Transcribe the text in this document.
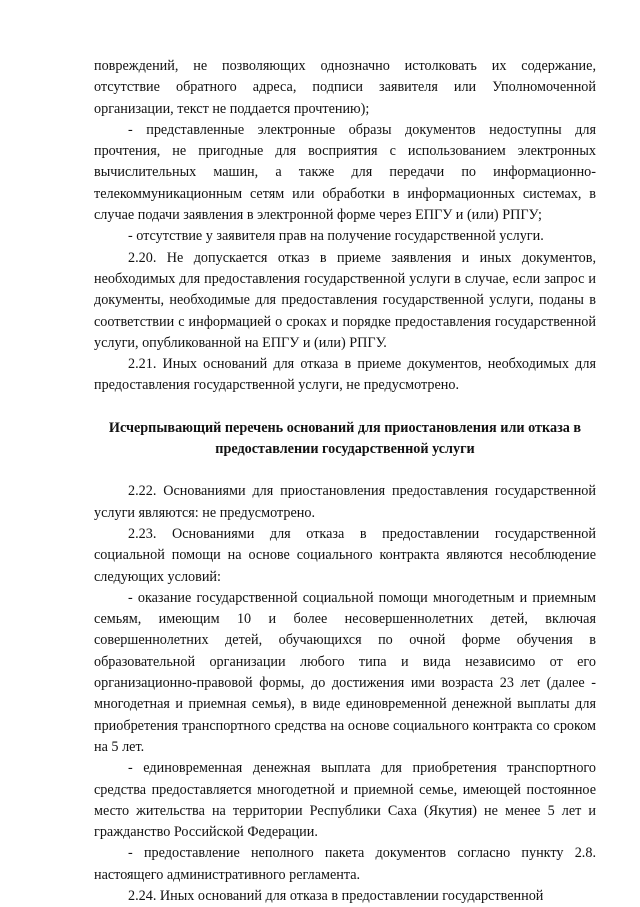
повреждений, не позволяющих однозначно истолковать их содержание, отсутствие обратного адреса, подписи заявителя или Уполномоченной организации, текст не поддается прочтению);

- представленные электронные образы документов недоступны для прочтения, не пригодные для восприятия с использованием электронных вычислительных машин, а также для передачи по информационно-телекоммуникационным сетям или обработки в информационных системах, в случае подачи заявления в электронной форме через ЕПГУ и (или) РПГУ;

- отсутствие у заявителя прав на получение государственной услуги.

2.20. Не допускается отказ в приеме заявления и иных документов, необходимых для предоставления государственной услуги в случае, если запрос и документы, необходимые для предоставления государственной услуги, поданы в соответствии с информацией о сроках и порядке предоставления государственной услуги, опубликованной на ЕПГУ и (или) РПГУ.

2.21. Иных оснований для отказа в приеме документов, необходимых для предоставления государственной услуги, не предусмотрено.

Исчерпывающий перечень оснований для приостановления или отказа в предоставлении государственной услуги

2.22. Основаниями для приостановления предоставления государственной услуги являются: не предусмотрено.

2.23. Основаниями для отказа в предоставлении государственной социальной помощи на основе социального контракта являются несоблюдение следующих условий:

- оказание государственной социальной помощи многодетным и приемным семьям, имеющим 10 и более несовершеннолетних детей, включая совершеннолетних детей, обучающихся по очной форме обучения в образовательной организации любого типа и вида независимо от его организационно-правовой формы, до достижения ими возраста 23 лет (далее - многодетная и приемная семья), в виде единовременной денежной выплаты для приобретения транспортного средства на основе социального контракта со сроком на 5 лет.

- единовременная денежная выплата для приобретения транспортного средства предоставляется многодетной и приемной семье, имеющей постоянное место жительства на территории Республики Саха (Якутия) не менее 5 лет и гражданство Российской Федерации.

- предоставление неполного пакета документов согласно пункту 2.8. настоящего административного регламента.

2.24. Иных оснований для отказа в предоставлении государственной
